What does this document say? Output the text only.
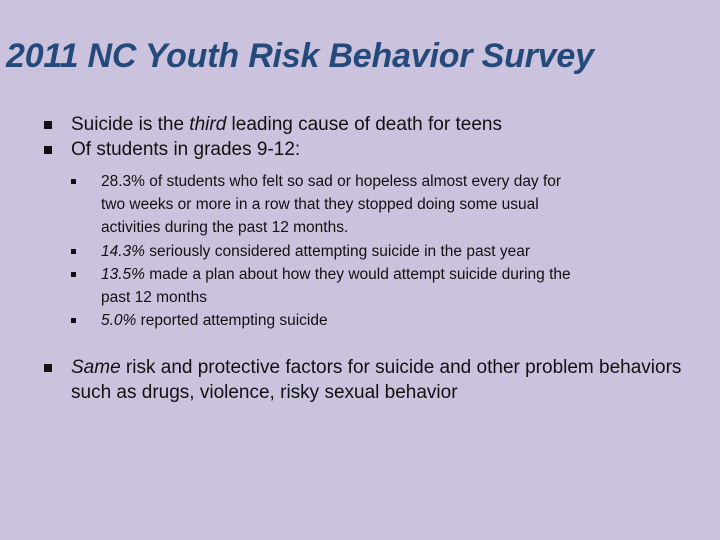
2011 NC Youth Risk Behavior Survey
Suicide is the third leading cause of death for teens
Of students in grades 9-12:
28.3% of students who felt so sad or hopeless almost every day for two weeks or more in a row that they stopped doing some usual activities during the past 12 months.
14.3% seriously considered attempting suicide in the past year
13.5% made a plan about how they would attempt suicide during the past 12 months
5.0% reported attempting suicide
Same risk and protective factors for suicide and other problem behaviors such as drugs, violence, risky sexual behavior
